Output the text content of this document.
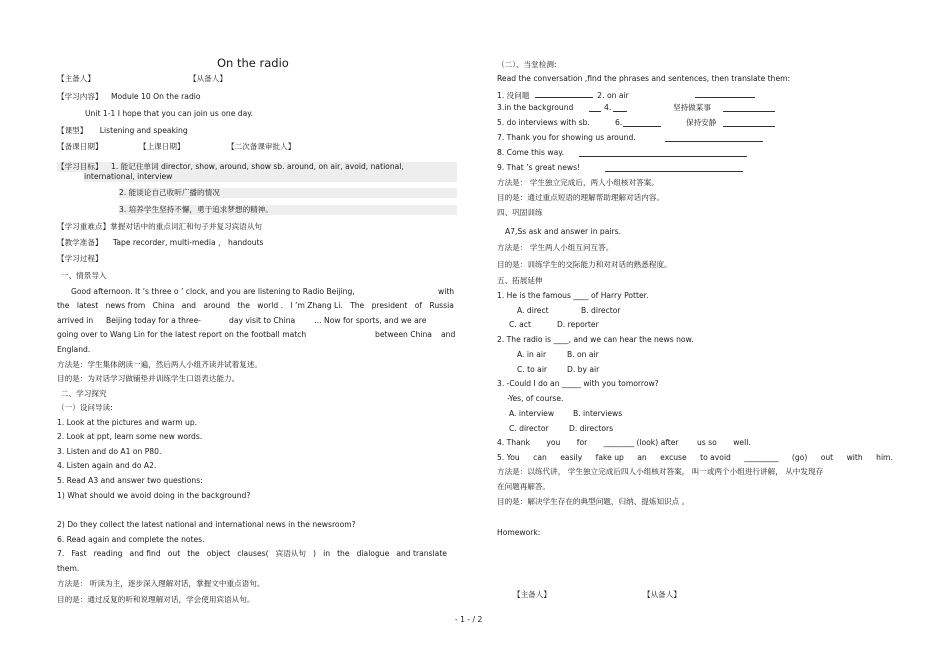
On the radio
【主备人】	【从备人】
【学习内容】 Module 10 On the radio
Unit 1-1 I hope that you can join us one day.
【课型】 Listening and speaking
【备课日期】	【上课日期】	【二次备课审批人】
【学习目标】 1. 能记住单词 director, show, around, show sb. around, on air, avoid, national,
international, interview
2. 能谈论自己收听广播的情况
3. 培养学生坚持不懈，勇于追求梦想的精神。
【学习重难点】掌握对话中的重点词汇和句子并复习宾语从句
【教学准备】 Tape recorder, multi-media ， handouts
【学习过程】
一、情景导入
Good afternoon. It ’s three o ’ clock, and you are listening to Radio Beijing,	with
the latest news from China and around the world . I ’m Zhang Li. The president of Russia
arrived in Beijing today for a three-	day visit to China … Now for sports, and we are
going over to Wang Lin for the latest report on the football match	between China and
England.
方法是：学生集体朗读一遍，然后两人小组齐读并试着复述。
目的是：为对话学习做铺垫并训练学生口语表达能力。
二、学习探究
（一）设问导读:
1. Look at the pictures and warm up.
2. Look at ppt, learn some new words.
3. Listen and do A1 on P80.
4. Listen again and do A2.
5. Read A3 and answer two questions:
1) What should we avoid doing in the background?
2) Do they collect the latest national and international news in the newsroom?
6. Read again and complete the notes.
7. Fast reading and find out the object clauses( 宾语从句 ) in the dialogue and translate
them.
方法是： 听读为主，逐步深入理解对话，掌握文中重点语句。
目的是：通过反复的听和说理解对话，学会使用宾语从句。
（二）、当堂检测:
Read the conversation ,find the phrases and sentences, then translate them:
1. 没问题	2. on air
3.in the background	4.	坚持做某事
5. do interviews with sb.	6.	保持安静
7. Thank you for showing us around.
8. Come this way.
9. That ’s great news!
方法是： 学生独立完成后，两人小组核对答案。
目的是：通过重点短语的理解帮助理解对话内容。
四、巩固训练
A7,Ss ask and answer in pairs.
方法是： 学生两人小组互问互答。
目的是：训练学生的交际能力和对对话的熟悉程度。
五、拓展延伸
1. He is the famous ____ of Harry Potter.
A. direct	B. director
C. act	D. reporter
2. The radio is ____, and we can hear the news now.
A. in air	B. on air
C. to air	D. by air
3. -Could I do an _____ with you tomorrow?
-Yes, of course.
A. interview B. interviews
C. director	D. directors
4. Thank you for ________ (look) after us so well.
5. You can easily fake up an excuse to avoid _________ (go) out with him.
方法是：以练代讲， 学生独立完成后四人小组核对答案， 叫一或两个小组进行讲解， 从中发现存
在问题再解答。
目的是：解决学生存在的典型问题，归纳、提炼知识点 。
Homework:
【主备人】	【从备人】
- 1 - / 2
